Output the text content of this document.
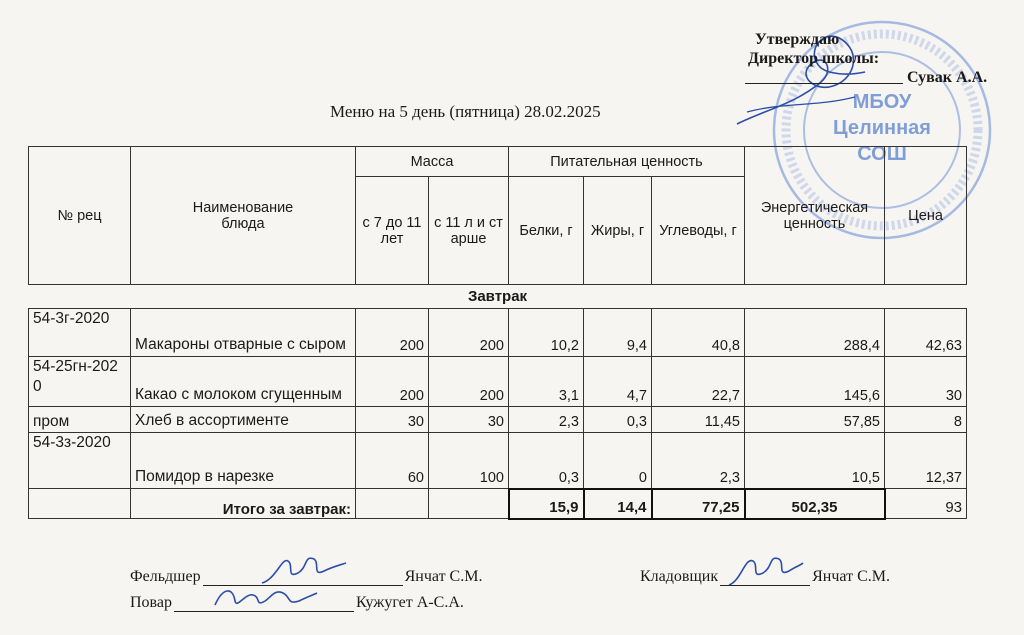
МБОУ
Целинная
СОШ
Утверждаю
Директор школы:
Сувак А.А.
Меню на 5 день (пятница) 28.02.2025
№ рец	Наименование блюда	Масса		Питательная ценность			Энергетическая ценность	Цена
		с 7 до 11 лет	с 11 л и старше	Белки, г	Жиры, г	Углеводы, г		
Завтрак								
54-3г-2020	Макароны отварные с сыром	200	200	10,2	9,4	40,8	288,4	42,63
54-25гн-2020	Какао с молоком сгущенным	200	200	3,1	4,7	22,7	145,6	30
пром	Хлеб в ассортименте	30	30	2,3	0,3	11,45	57,85	8
54-3з-2020	Помидор в нарезке	60	100	0,3	0	2,3	10,5	12,37
	Итого за завтрак:			15,9	14,4	77,25	502,35	93
Фельдшер	Янчат С.М.	Кладовщик	Янчат С.М.
Повар	Кужугет А-С.А.
